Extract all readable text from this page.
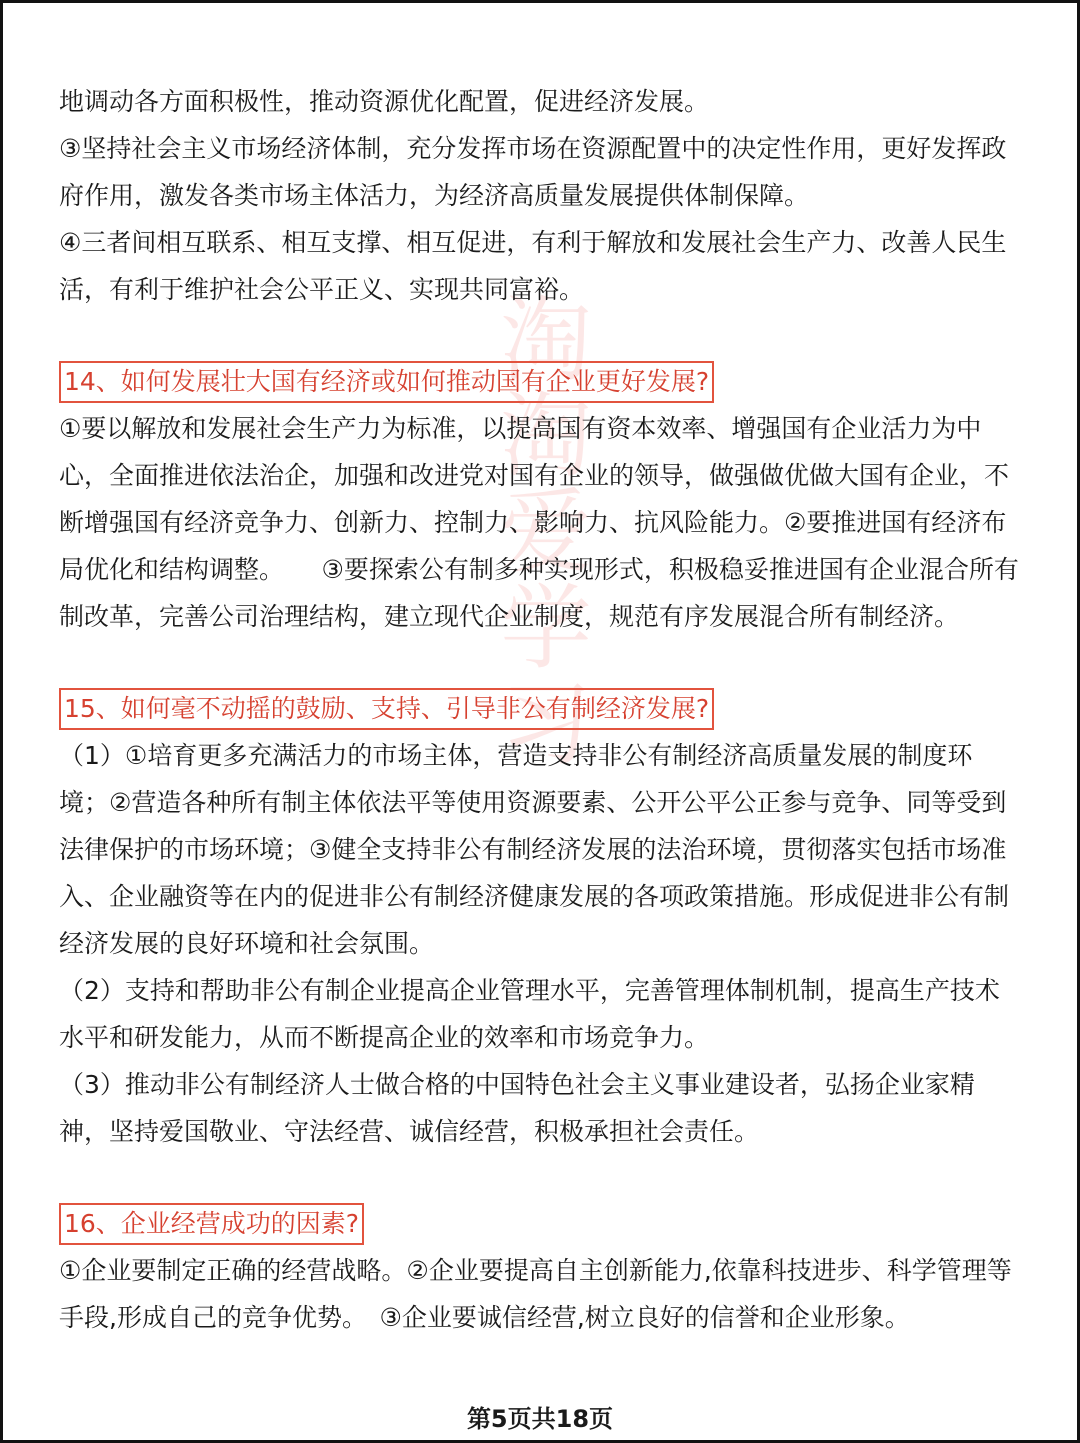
淘
淘
爱
学
习

地调动各方面积极性，推动资源优化配置，促进经济发展。

③坚持社会主义市场经济体制，充分发挥市场在资源配置中的决定性作用，更好发挥政府作用，激发各类市场主体活力，为经济高质量发展提供体制保障。

④三者间相互联系、相互支撑、相互促进，有利于解放和发展社会生产力、改善人民生活，有利于维护社会公平正义、实现共同富裕。

14、如何发展壮大国有经济或如何推动国有企业更好发展?

①要以解放和发展社会生产力为标准，以提高国有资本效率、增强国有企业活力为中心，全面推进依法治企，加强和改进党对国有企业的领导，做强做优做大国有企业，不断增强国有经济竞争力、创新力、控制力、影响力、抗风险能力。②要推进国有经济布局优化和结构调整。　　③要探索公有制多种实现形式，积极稳妥推进国有企业混合所有制改革，完善公司治理结构，建立现代企业制度，规范有序发展混合所有制经济。

15、如何毫不动摇的鼓励、支持、引导非公有制经济发展?

（1）①培育更多充满活力的市场主体，营造支持非公有制经济高质量发展的制度环境；②营造各种所有制主体依法平等使用资源要素、公开公平公正参与竞争、同等受到法律保护的市场环境；③健全支持非公有制经济发展的法治环境，贯彻落实包括市场准入、企业融资等在内的促进非公有制经济健康发展的各项政策措施。形成促进非公有制经济发展的良好环境和社会氛围。

（2）支持和帮助非公有制企业提高企业管理水平，完善管理体制机制，提高生产技术水平和研发能力，从而不断提高企业的效率和市场竞争力。

（3）推动非公有制经济人士做合格的中国特色社会主义事业建设者，弘扬企业家精神，坚持爱国敬业、守法经营、诚信经营，积极承担社会责任。

16、企业经营成功的因素?

①企业要制定正确的经营战略。②企业要提高自主创新能力,依靠科技进步、科学管理等手段,形成自己的竞争优势。　③企业要诚信经营,树立良好的信誉和企业形象。

第5页共18页
